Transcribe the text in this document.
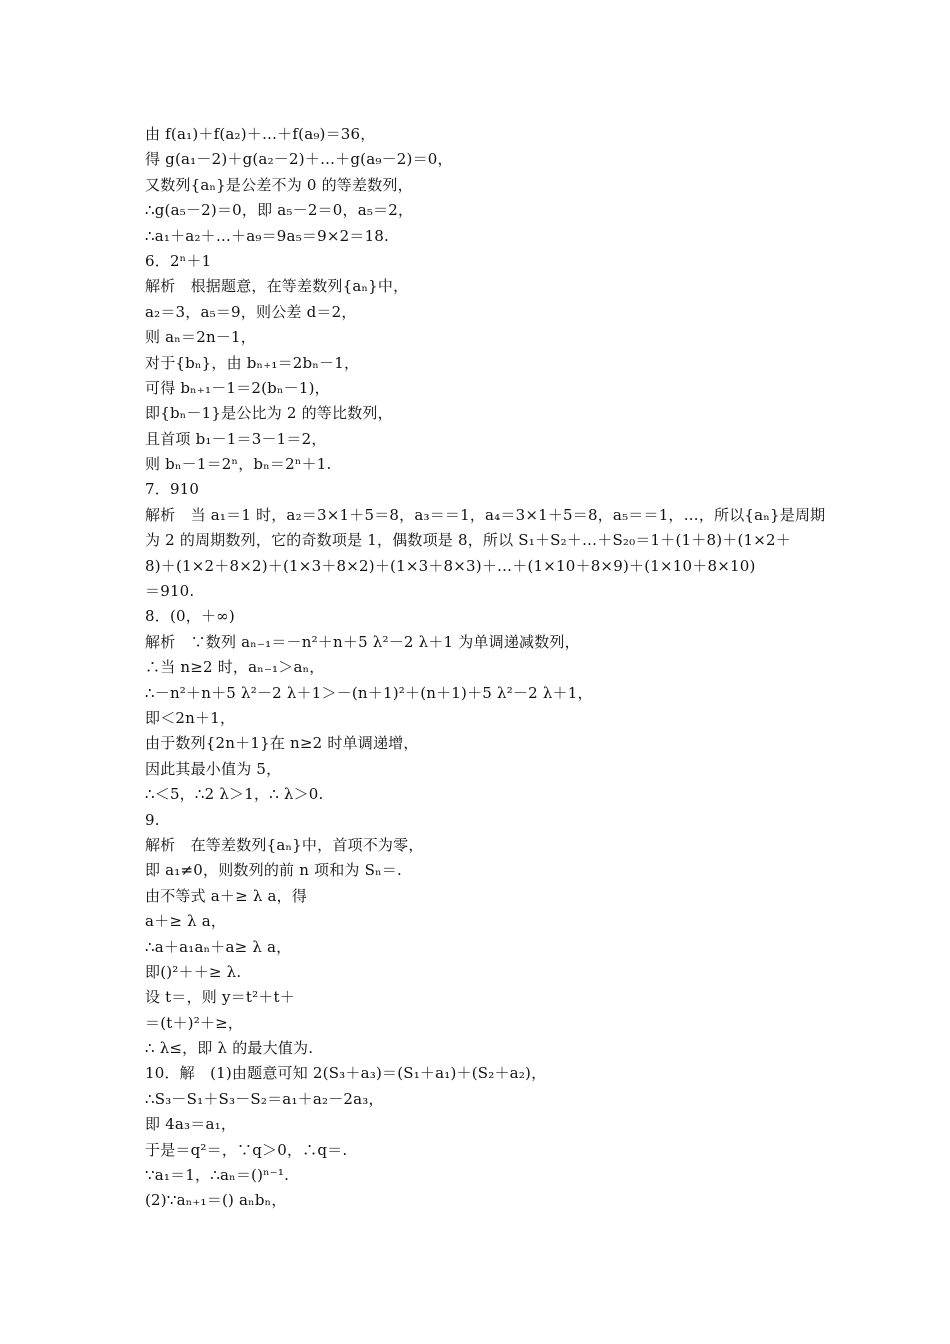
由 f(a₁)＋f(a₂)＋…＋f(a₉)＝36，
得 g(a₁－2)＋g(a₂－2)＋…＋g(a₉－2)＝0，
又数列{aₙ}是公差不为 0 的等差数列，
∴g(a₅－2)＝0，即 a₅－2＝0，a₅＝2，
∴a₁＋a₂＋…＋a₉＝9a₅＝9×2＝18.
6．2ⁿ＋1
解析　根据题意，在等差数列{aₙ}中，
a₂＝3，a₅＝9，则公差 d＝2，
则 aₙ＝2n－1，
对于{bₙ}，由 bₙ₊₁＝2bₙ－1，
可得 bₙ₊₁－1＝2(bₙ－1)，
即{bₙ－1}是公比为 2 的等比数列，
且首项 b₁－1＝3－1＝2，
则 bₙ－1＝2ⁿ，bₙ＝2ⁿ＋1.
7．910
解析　当 a₁＝1 时，a₂＝3×1＋5＝8，a₃＝＝1，a₄＝3×1＋5＝8，a₅＝＝1，…，所以{aₙ}是周期
为 2 的周期数列，它的奇数项是 1，偶数项是 8，所以 S₁＋S₂＋…＋S₂₀＝1＋(1＋8)＋(1×2＋
8)＋(1×2＋8×2)＋(1×3＋8×2)＋(1×3＋8×3)＋…＋(1×10＋8×9)＋(1×10＋8×10)
＝910.
8．(0，＋∞)
解析　∵数列 aₙ₋₁＝－n²＋n＋5 λ²－2 λ＋1 为单调递减数列，
∴当 n≥2 时，aₙ₋₁＞aₙ，
∴－n²＋n＋5 λ²－2 λ＋1＞－(n＋1)²＋(n＋1)＋5 λ²－2 λ＋1，
即＜2n＋1，
由于数列{2n＋1}在 n≥2 时单调递增，
因此其最小值为 5，
∴＜5，∴2 λ＞1，∴ λ＞0.
9.
解析　在等差数列{aₙ}中，首项不为零，
即 a₁≠0，则数列的前 n 项和为 Sₙ＝.
由不等式 a＋≥ λ a，得
a＋≥ λ a，
∴a＋a₁aₙ＋a≥ λ a，
即()²＋＋≥ λ.
设 t＝，则 y＝t²＋t＋
＝(t＋)²＋≥，
∴ λ≤，即 λ 的最大值为.
10．解　(1)由题意可知 2(S₃＋a₃)＝(S₁＋a₁)＋(S₂＋a₂)，
∴S₃－S₁＋S₃－S₂＝a₁＋a₂－2a₃，
即 4a₃＝a₁，
于是＝q²＝，∵q＞0，∴q＝.
∵a₁＝1，∴aₙ＝()ⁿ⁻¹.
(2)∵aₙ₊₁＝() aₙbₙ，
